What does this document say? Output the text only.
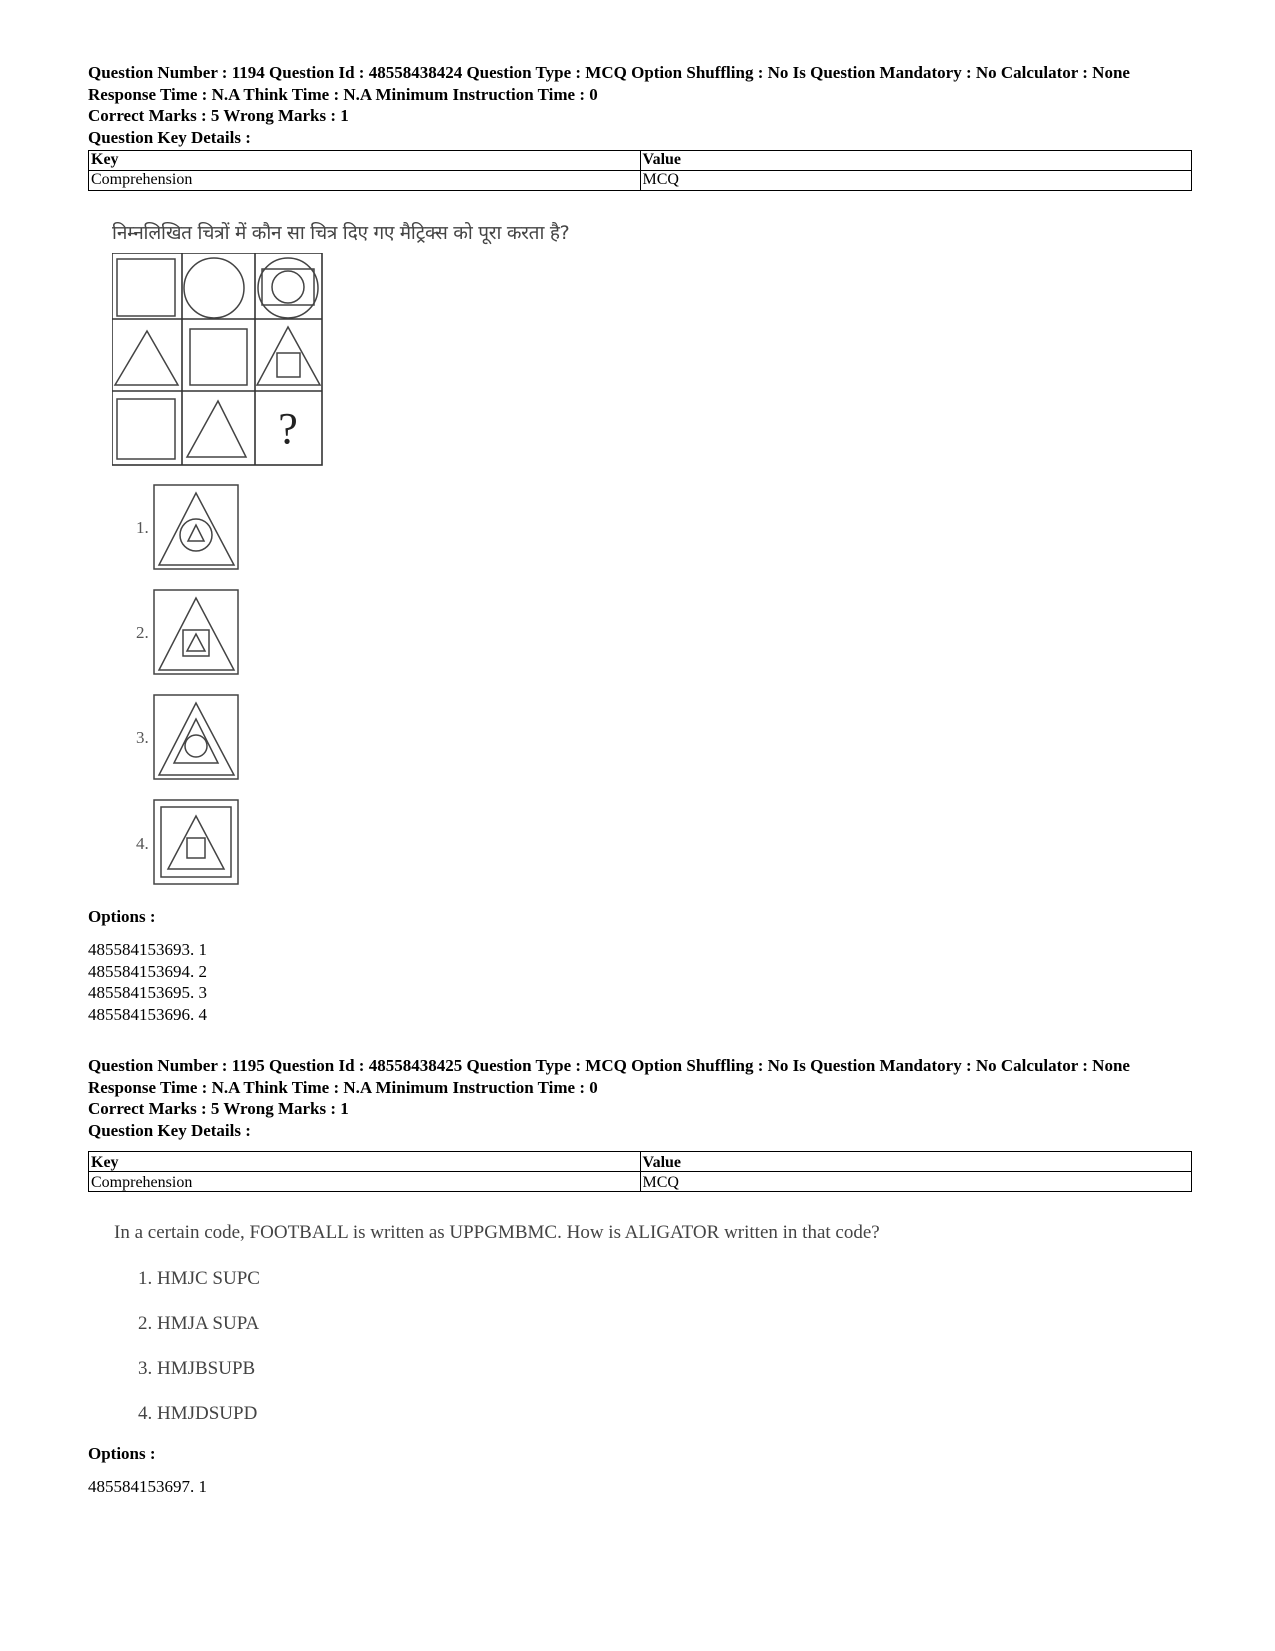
Question Number : 1194 Question Id : 48558438424 Question Type : MCQ Option Shuffling : No Is Question Mandatory : No Calculator : None
Response Time : N.A Think Time : N.A Minimum Instruction Time : 0
Correct Marks : 5 Wrong Marks : 1
Question Key Details :
Key	Value
Comprehension	MCQ
निम्नलिखित चित्रों में कौन सा चित्र दिए गए मैट्रिक्स को पूरा करता है?
?
1.
2.
3.
4.
Options :
485584153693. 1
485584153694. 2
485584153695. 3
485584153696. 4
Question Number : 1195 Question Id : 48558438425 Question Type : MCQ Option Shuffling : No Is Question Mandatory : No Calculator : None
Response Time : N.A Think Time : N.A Minimum Instruction Time : 0
Correct Marks : 5 Wrong Marks : 1
Question Key Details :
Key	Value
Comprehension	MCQ
In a certain code, FOOTBALL is written as UPPGMBMC. How is ALIGATOR written in that code?
1. HMJC SUPC
2. HMJA SUPA
3. HMJBSUPB
4. HMJDSUPD
Options :
485584153697. 1
